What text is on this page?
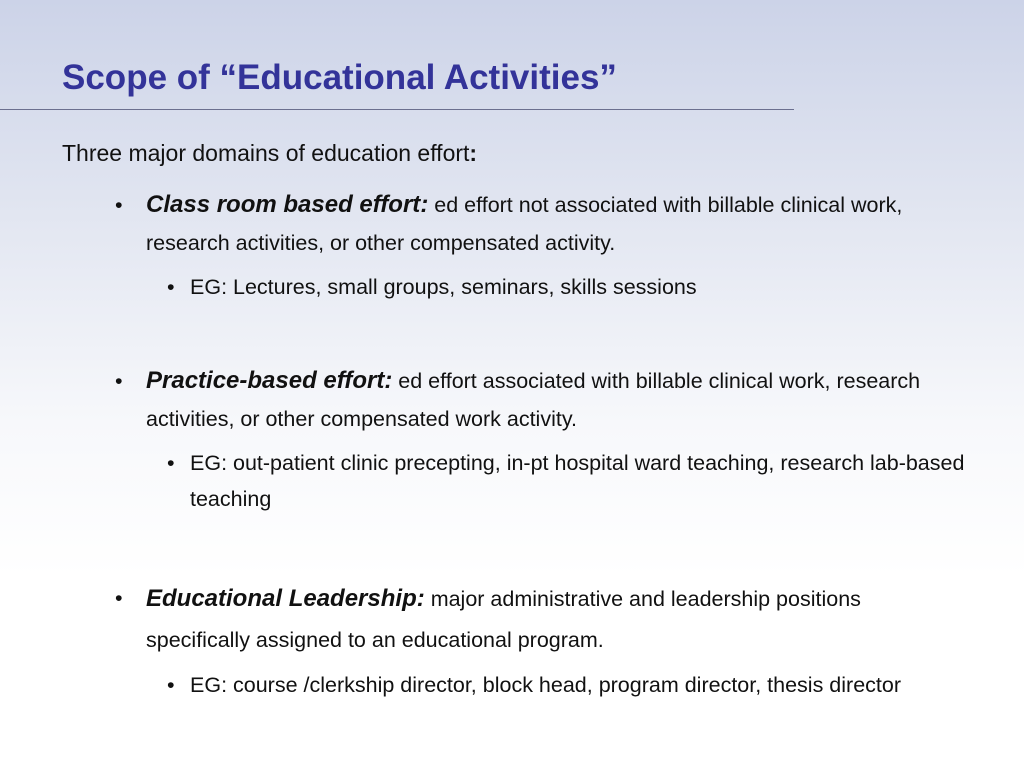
Scope of “Educational Activities”
Three major domains of education effort:
• Class room based effort: ed effort not associated with billable clinical work, research activities, or other compensated activity.
• EG: Lectures, small groups, seminars, skills sessions
• Practice-based effort: ed effort associated with billable clinical work, research activities, or other compensated work activity.
• EG: out-patient clinic precepting, in-pt hospital ward teaching, research lab-based teaching
• Educational Leadership: major administrative and leadership positions specifically assigned to an educational program.
• EG: course /clerkship director, block head, program director, thesis director
